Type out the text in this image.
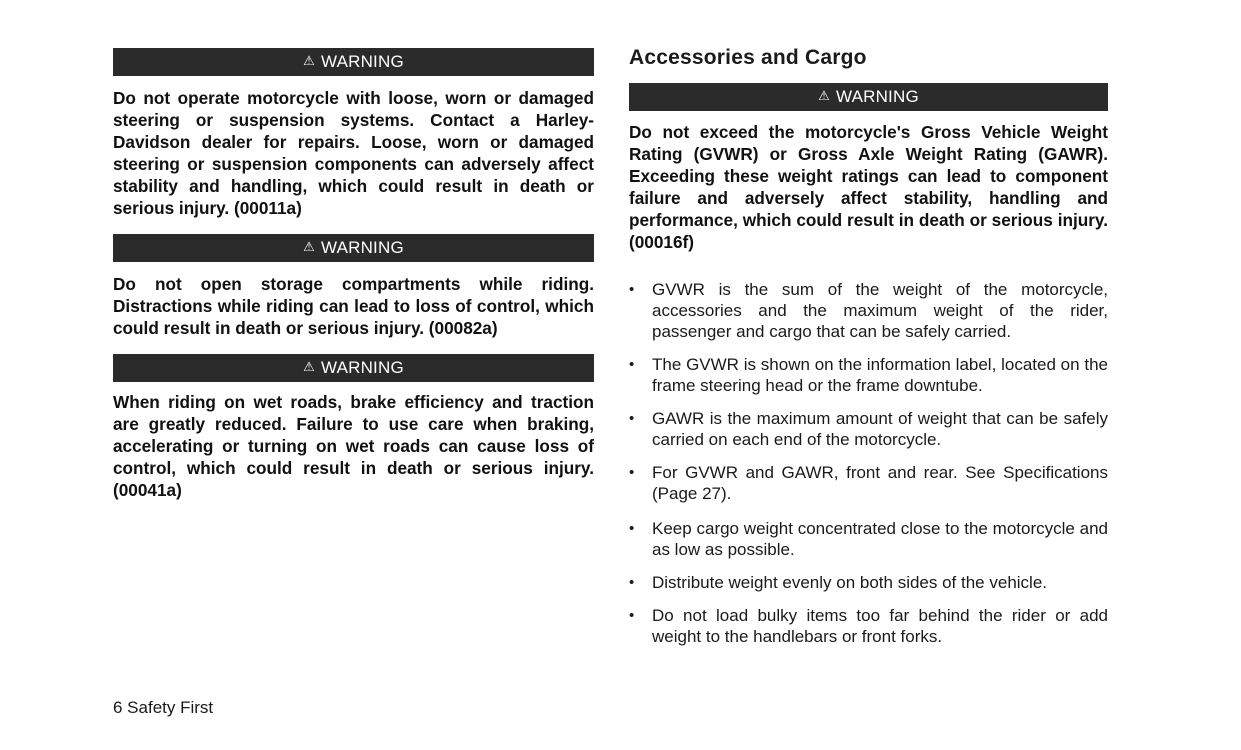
⚠ WARNING
Do not operate motorcycle with loose, worn or damaged steering or suspension systems. Contact a Harley-Davidson dealer for repairs. Loose, worn or damaged steering or suspension components can adversely affect stability and handling, which could result in death or serious injury. (00011a)
⚠ WARNING
Do not open storage compartments while riding. Distractions while riding can lead to loss of control, which could result in death or serious injury. (00082a)
⚠ WARNING
When riding on wet roads, brake efficiency and traction are greatly reduced. Failure to use care when braking, accelerating or turning on wet roads can cause loss of control, which could result in death or serious injury. (00041a)
Accessories and Cargo
⚠ WARNING
Do not exceed the motorcycle's Gross Vehicle Weight Rating (GVWR) or Gross Axle Weight Rating (GAWR). Exceeding these weight ratings can lead to component failure and adversely affect stability, handling and performance, which could result in death or serious injury. (00016f)
• GVWR is the sum of the weight of the motorcycle, accessories and the maximum weight of the rider, passenger and cargo that can be safely carried.
• The GVWR is shown on the information label, located on the frame steering head or the frame downtube.
• GAWR is the maximum amount of weight that can be safely carried on each end of the motorcycle.
• For GVWR and GAWR, front and rear. See Specifications (Page 27).
• Keep cargo weight concentrated close to the motorcycle and as low as possible.
• Distribute weight evenly on both sides of the vehicle.
• Do not load bulky items too far behind the rider or add weight to the handlebars or front forks.
6 Safety First
